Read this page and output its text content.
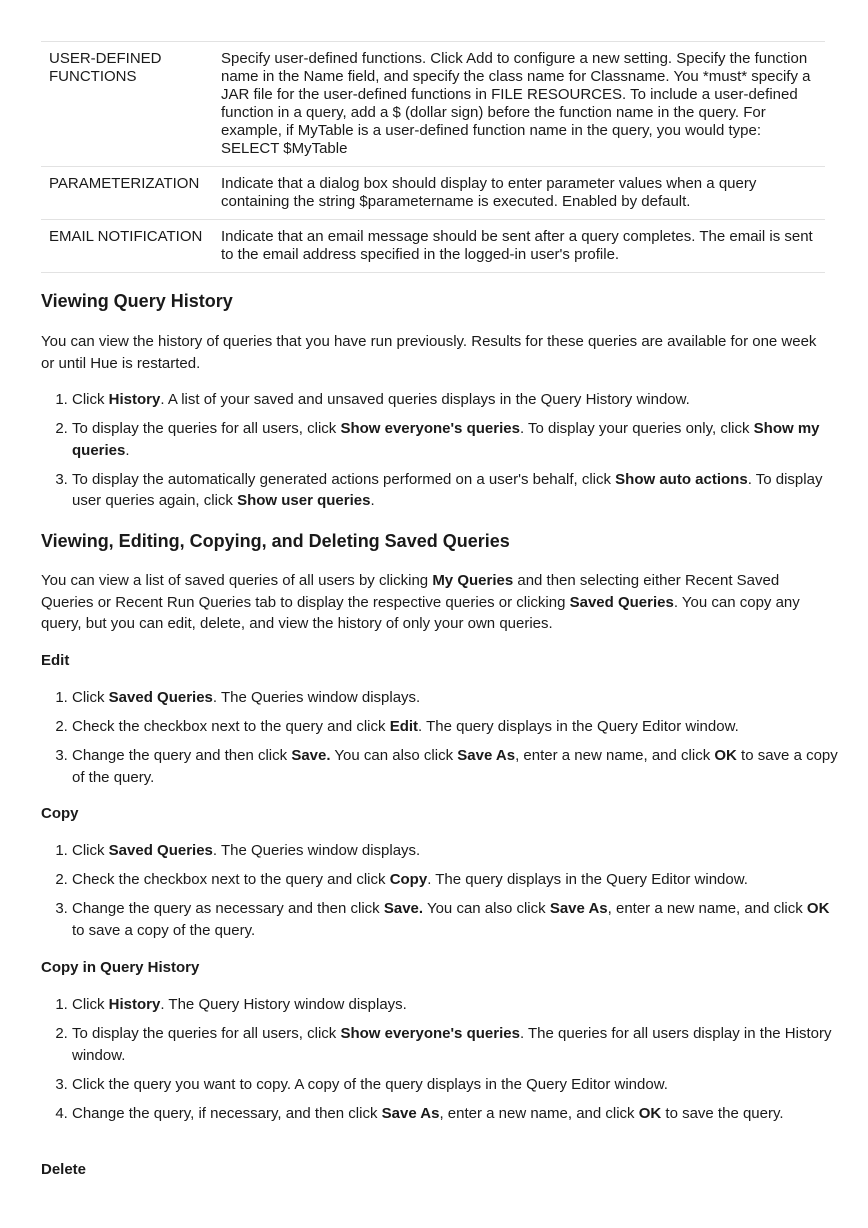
USER-DEFINED FUNCTIONS	Specify user-defined functions. Click Add to configure a new setting. Specify the function name in the Name field, and specify the class name for Classname. You *must* specify a JAR file for the user-defined functions in FILE RESOURCES. To include a user-defined function in a query, add a $ (dollar sign) before the function name in the query. For example, if MyTable is a user-defined function name in the query, you would type: SELECT $MyTable
PARAMETERIZATION	Indicate that a dialog box should display to enter parameter values when a query containing the string $parametername is executed. Enabled by default.
EMAIL NOTIFICATION	Indicate that an email message should be sent after a query completes. The email is sent to the email address specified in the logged-in user's profile.
Viewing Query History

You can view the history of queries that you have run previously. Results for these queries are available for one week or until Hue is restarted.

1. Click History. A list of your saved and unsaved queries displays in the Query History window.
2. To display the queries for all users, click Show everyone's queries. To display your queries only, click Show my queries.
3. To display the automatically generated actions performed on a user's behalf, click Show auto actions. To display user queries again, click Show user queries.
Viewing, Editing, Copying, and Deleting Saved Queries

You can view a list of saved queries of all users by clicking My Queries and then selecting either Recent Saved Queries or Recent Run Queries tab to display the respective queries or clicking Saved Queries. You can copy any query, but you can edit, delete, and view the history of only your own queries.

Edit
1. Click Saved Queries. The Queries window displays.
2. Check the checkbox next to the query and click Edit. The query displays in the Query Editor window.
3. Change the query and then click Save. You can also click Save As, enter a new name, and click OK to save a copy of the query.
Copy
1. Click Saved Queries. The Queries window displays.
2. Check the checkbox next to the query and click Copy. The query displays in the Query Editor window.
3. Change the query as necessary and then click Save. You can also click Save As, enter a new name, and click OK to save a copy of the query.
Copy in Query History
1. Click History. The Query History window displays.
2. To display the queries for all users, click Show everyone's queries. The queries for all users display in the History window.
3. Click the query you want to copy. A copy of the query displays in the Query Editor window.
4. Change the query, if necessary, and then click Save As, enter a new name, and click OK to save the query.
Delete
